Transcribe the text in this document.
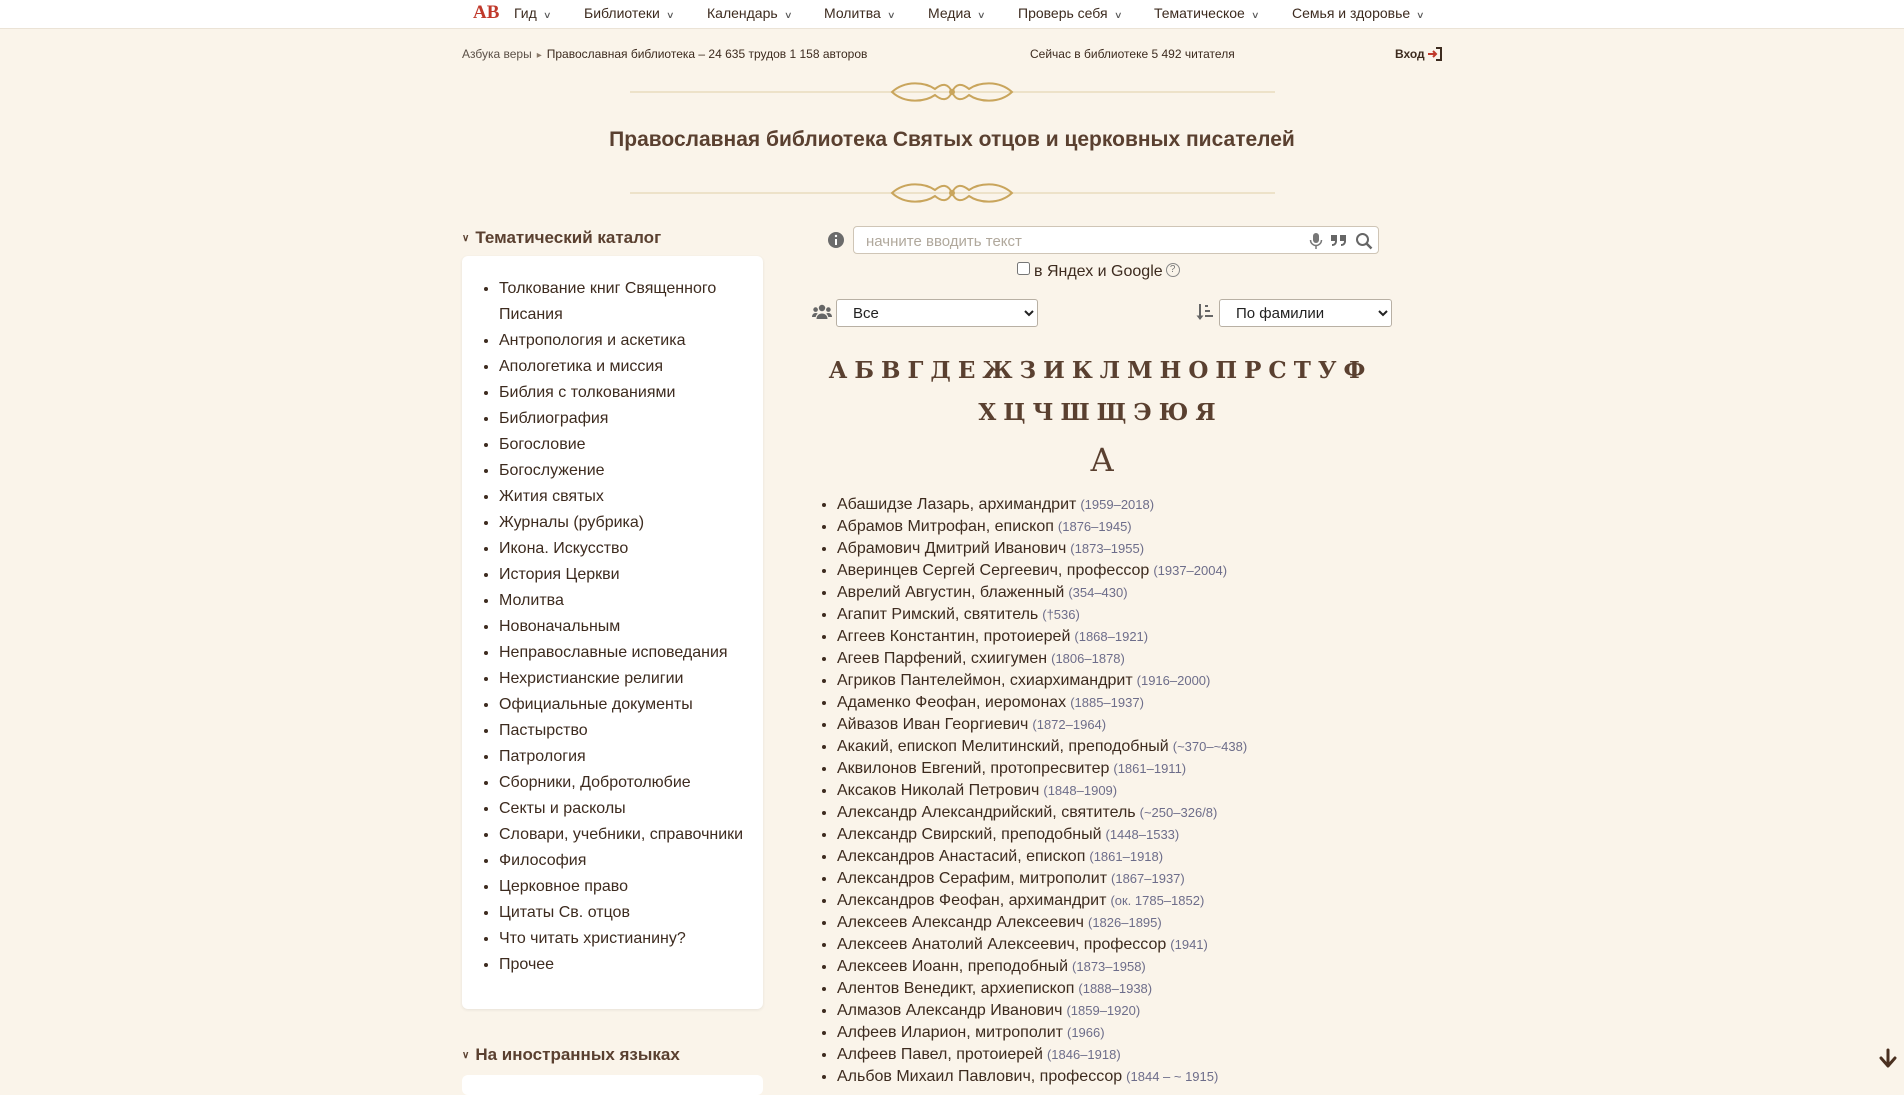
АВ Гид ∨ Библиотеки ∨ Календарь ∨ Молитва ∨ Медиа ∨ Проверь себя ∨ Тематическое ∨ Семья и здоровье ∨
Азбука веры ▸ Православная библиотека – 24 635 трудов 1 158 авторов	Сейчас в библиотеке 5 492 читателя	Вход
Православная библиотека Святых отцов и церковных писателей
∨ Тематический каталог
• Толкование книг Священного Писания
• Антропология и аскетика
• Апологетика и миссия
• Библия с толкованиями
• Библиография
• Богословие
• Богослужение
• Жития святых
• Журналы (рубрика)
• Икона. Искусство
• История Церкви
• Молитва
• Новоначальным
• Неправославные исповедания
• Нехристианские религии
• Официальные документы
• Пастырство
• Патрология
• Сборники, Добротолюбие
• Секты и расколы
• Словари, учебники, справочники
• Философия
• Церковное право
• Цитаты Св. отцов
• Что читать христианину?
• Прочее
∨ На иностранных языках
начните вводить текст
в Яндех и Google ?
Все
По фамилии
А Б В Г Д Е Ж З И К Л М Н О П Р С Т У Ф
Х Ц Ч Ш Щ Э Ю Я
А
• Абашидзе Лазарь, архимандрит (1959–2018)
• Абрамов Митрофан, епископ (1876–1945)
• Абрамович Дмитрий Иванович (1873–1955)
• Аверинцев Сергей Сергеевич, профессор (1937–2004)
• Аврелий Августин, блаженный (354–430)
• Агапит Римский, святитель (†536)
• Аггеев Константин, протоиерей (1868–1921)
• Агеев Парфений, схиигумен (1806–1878)
• Агриков Пантелеймон, схиархимандрит (1916–2000)
• Адаменко Феофан, иеромонах (1885–1937)
• Айвазов Иван Георгиевич (1872–1964)
• Акакий, епископ Мелитинский, преподобный (~370–~438)
• Аквилонов Евгений, протопресвитер (1861–1911)
• Аксаков Николай Петрович (1848–1909)
• Александр Александрийский, святитель (~250–326/8)
• Александр Свирский, преподобный (1448–1533)
• Александров Анастасий, епископ (1861–1918)
• Александров Серафим, митрополит (1867–1937)
• Александров Феофан, архимандрит (ок. 1785–1852)
• Алексеев Александр Алексеевич (1826–1895)
• Алексеев Анатолий Алексеевич, профессор (1941)
• Алексеев Иоанн, преподобный (1873–1958)
• Алентов Венедикт, архиепископ (1888–1938)
• Алмазов Александр Иванович (1859–1920)
• Алфеев Иларион, митрополит (1966)
• Алфеев Павел, протоиерей (1846–1918)
• Альбов Михаил Павлович, профессор (1844 – ~ 1915)
